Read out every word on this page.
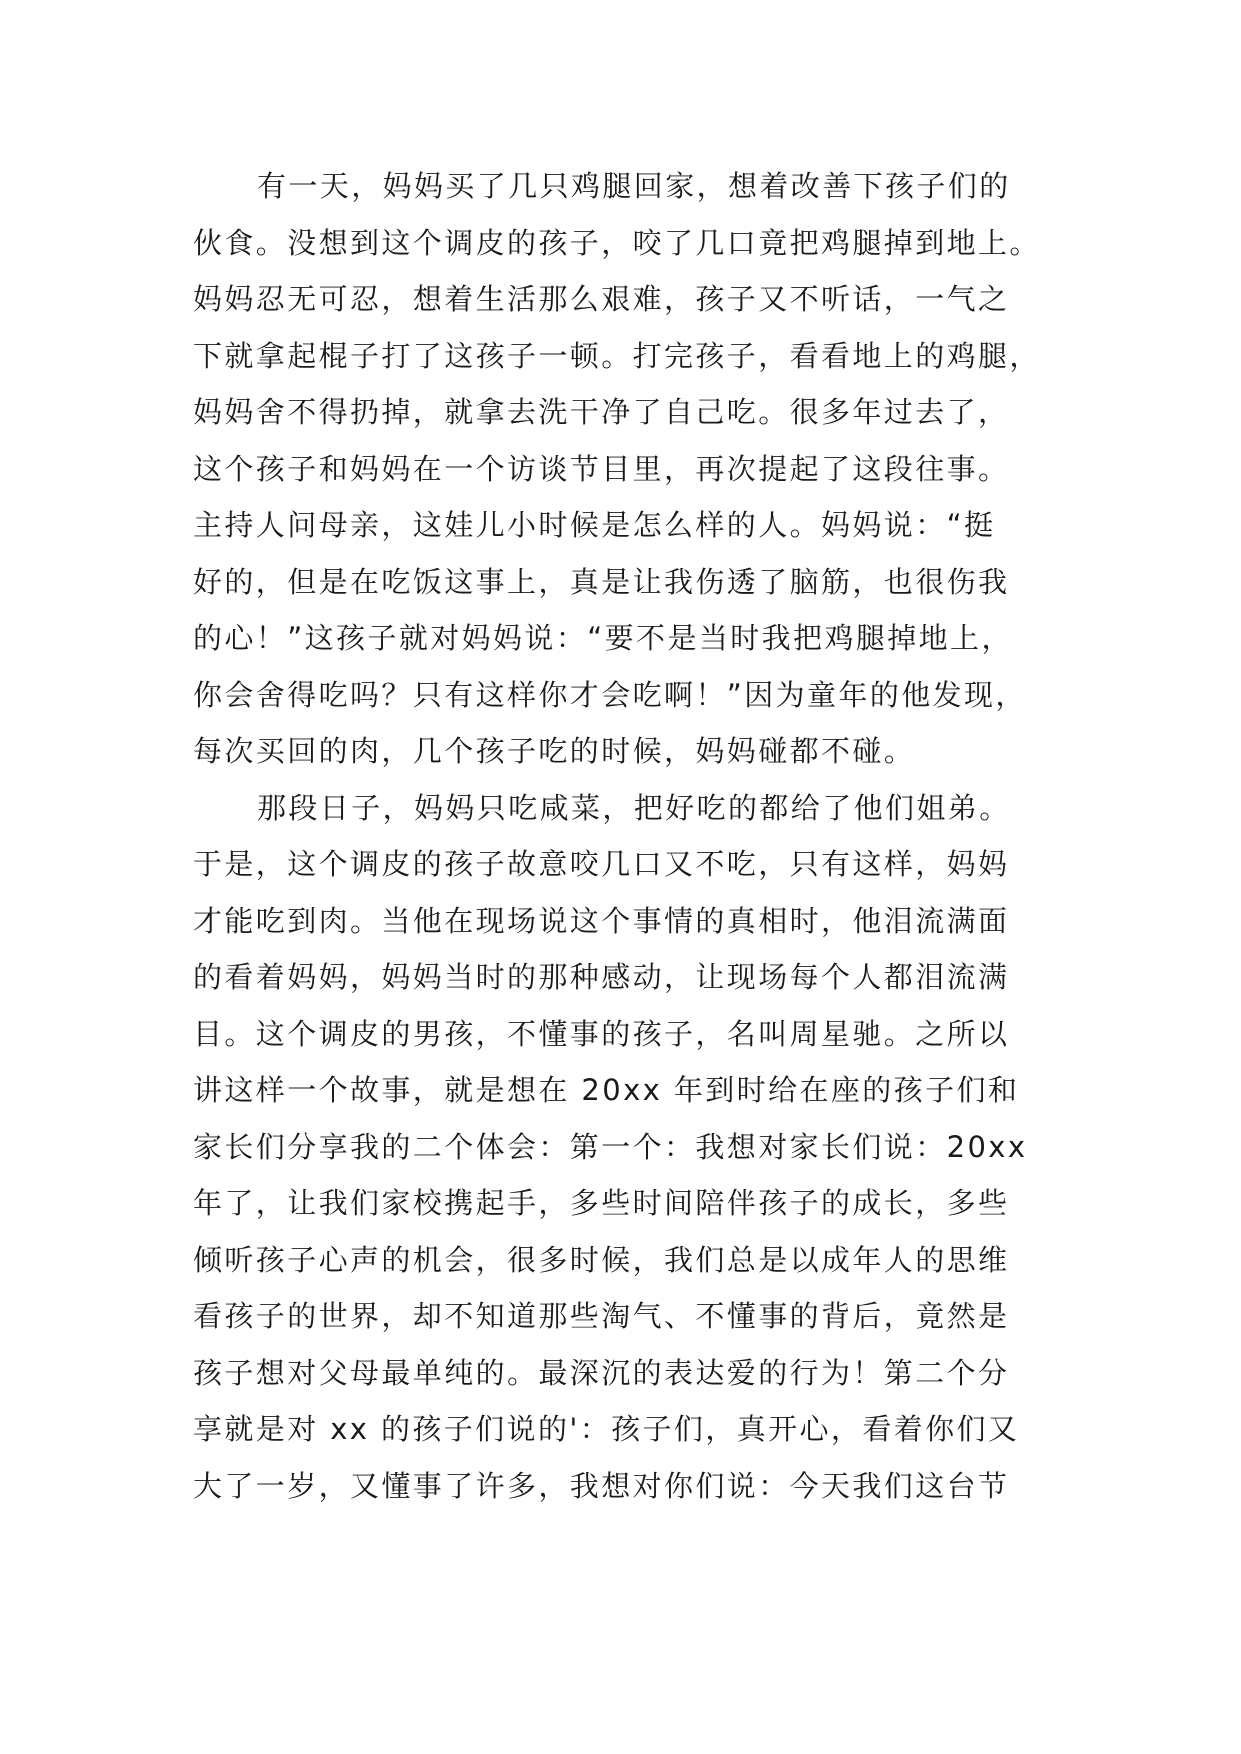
有一天，妈妈买了几只鸡腿回家，想着改善下孩子们的
伙食。没想到这个调皮的孩子，咬了几口竟把鸡腿掉到地上。
妈妈忍无可忍，想着生活那么艰难，孩子又不听话，一气之
下就拿起棍子打了这孩子一顿。打完孩子，看看地上的鸡腿，
妈妈舍不得扔掉，就拿去洗干净了自己吃。很多年过去了，
这个孩子和妈妈在一个访谈节目里，再次提起了这段往事。
主持人问母亲，这娃儿小时候是怎么样的人。妈妈说：“挺
好的，但是在吃饭这事上，真是让我伤透了脑筋，也很伤我
的心！”这孩子就对妈妈说：“要不是当时我把鸡腿掉地上，
你会舍得吃吗？只有这样你才会吃啊！”因为童年的他发现，
每次买回的肉，几个孩子吃的时候，妈妈碰都不碰。
那段日子，妈妈只吃咸菜，把好吃的都给了他们姐弟。
于是，这个调皮的孩子故意咬几口又不吃，只有这样，妈妈
才能吃到肉。当他在现场说这个事情的真相时，他泪流满面
的看着妈妈，妈妈当时的那种感动，让现场每个人都泪流满
目。这个调皮的男孩，不懂事的孩子，名叫周星驰。之所以
讲这样一个故事，就是想在 20xx 年到时给在座的孩子们和
家长们分享我的二个体会：第一个：我想对家长们说：20xx
年了，让我们家校携起手，多些时间陪伴孩子的成长，多些
倾听孩子心声的机会，很多时候，我们总是以成年人的思维
看孩子的世界，却不知道那些淘气、不懂事的背后，竟然是
孩子想对父母最单纯的。最深沉的表达爱的行为！第二个分
享就是对 xx 的孩子们说的'：孩子们，真开心，看着你们又
大了一岁，又懂事了许多，我想对你们说：今天我们这台节
